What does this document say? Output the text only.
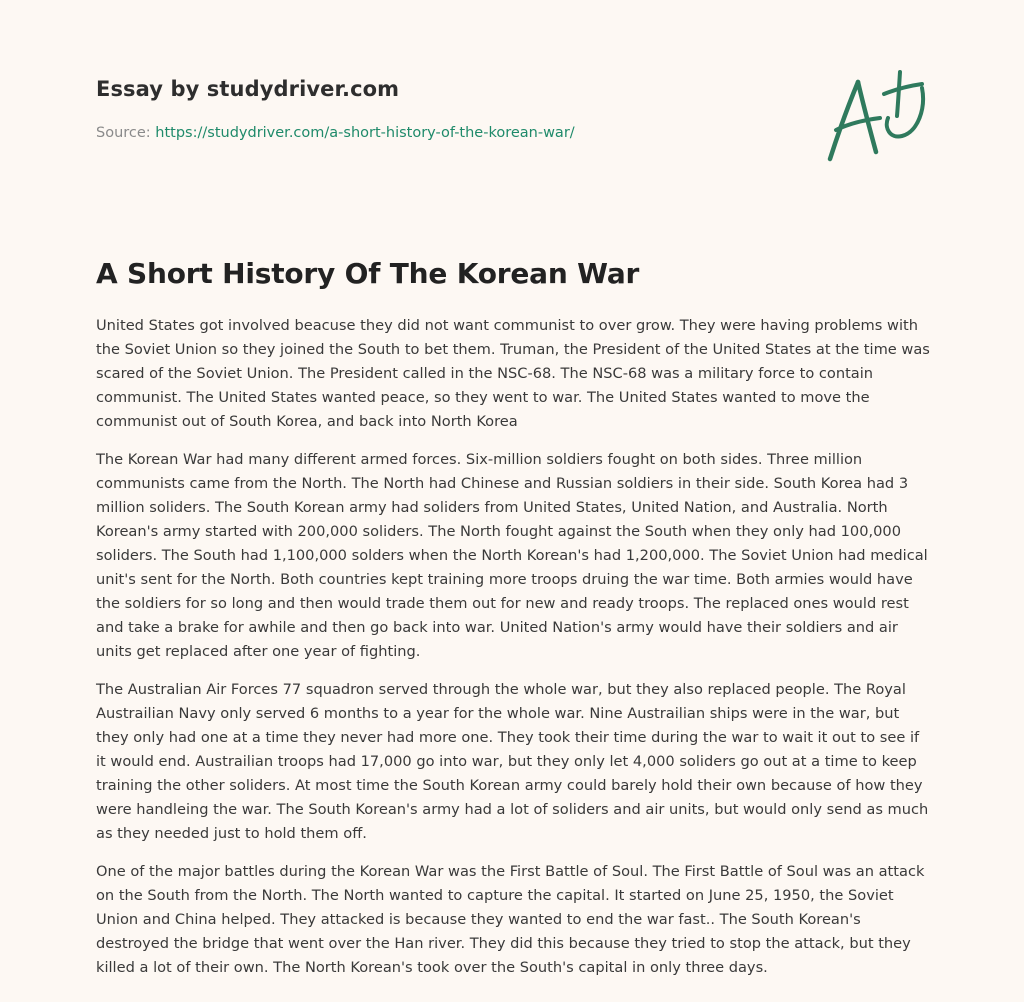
Essay by studydriver.com
Source: https://studydriver.com/a-short-history-of-the-korean-war/
A Short History Of The Korean War

United States got involved beacuse they did not want communist to over grow. They were having problems with the Soviet Union so they joined the South to bet them. Truman, the President of the United States at the time was scared of the Soviet Union. The President called in the NSC-68. The NSC-68 was a military force to contain communist. The United States wanted peace, so they went to war. The United States wanted to move the communist out of South Korea, and back into North Korea

The Korean War had many different armed forces. Six-million soldiers fought on both sides. Three million communists came from the North. The North had Chinese and Russian soldiers in their side. South Korea had 3 million soliders. The South Korean army had soliders from United States, United Nation, and Australia. North Korean's army started with 200,000 soliders. The North fought against the South when they only had 100,000 soliders. The South had 1,100,000 solders when the North Korean's had 1,200,000. The Soviet Union had medical unit's sent for the North. Both countries kept training more troops druing the war time. Both armies would have the soldiers for so long and then would trade them out for new and ready troops. The replaced ones would rest and take a brake for awhile and then go back into war. United Nation's army would have their soldiers and air units get replaced after one year of fighting.

The Australian Air Forces 77 squadron served through the whole war, but they also replaced people. The Royal Austrailian Navy only served 6 months to a year for the whole war. Nine Austrailian ships were in the war, but they only had one at a time they never had more one. They took their time during the war to wait it out to see if it would end. Austrailian troops had 17,000 go into war, but they only let 4,000 soliders go out at a time to keep training the other soliders. At most time the South Korean army could barely hold their own because of how they were handleing the war. The South Korean's army had a lot of soliders and air units, but would only send as much as they needed just to hold them off.

One of the major battles during the Korean War was the First Battle of Soul. The First Battle of Soul was an attack on the South from the North. The North wanted to capture the capital. It started on June 25, 1950, the Soviet Union and China helped. They attacked is because they wanted to end the war fast.. The South Korean's destroyed the bridge that went over the Han river. They did this because they tried to stop the attack, but they killed a lot of their own. The North Korean's took over the South's capital in only three days.
